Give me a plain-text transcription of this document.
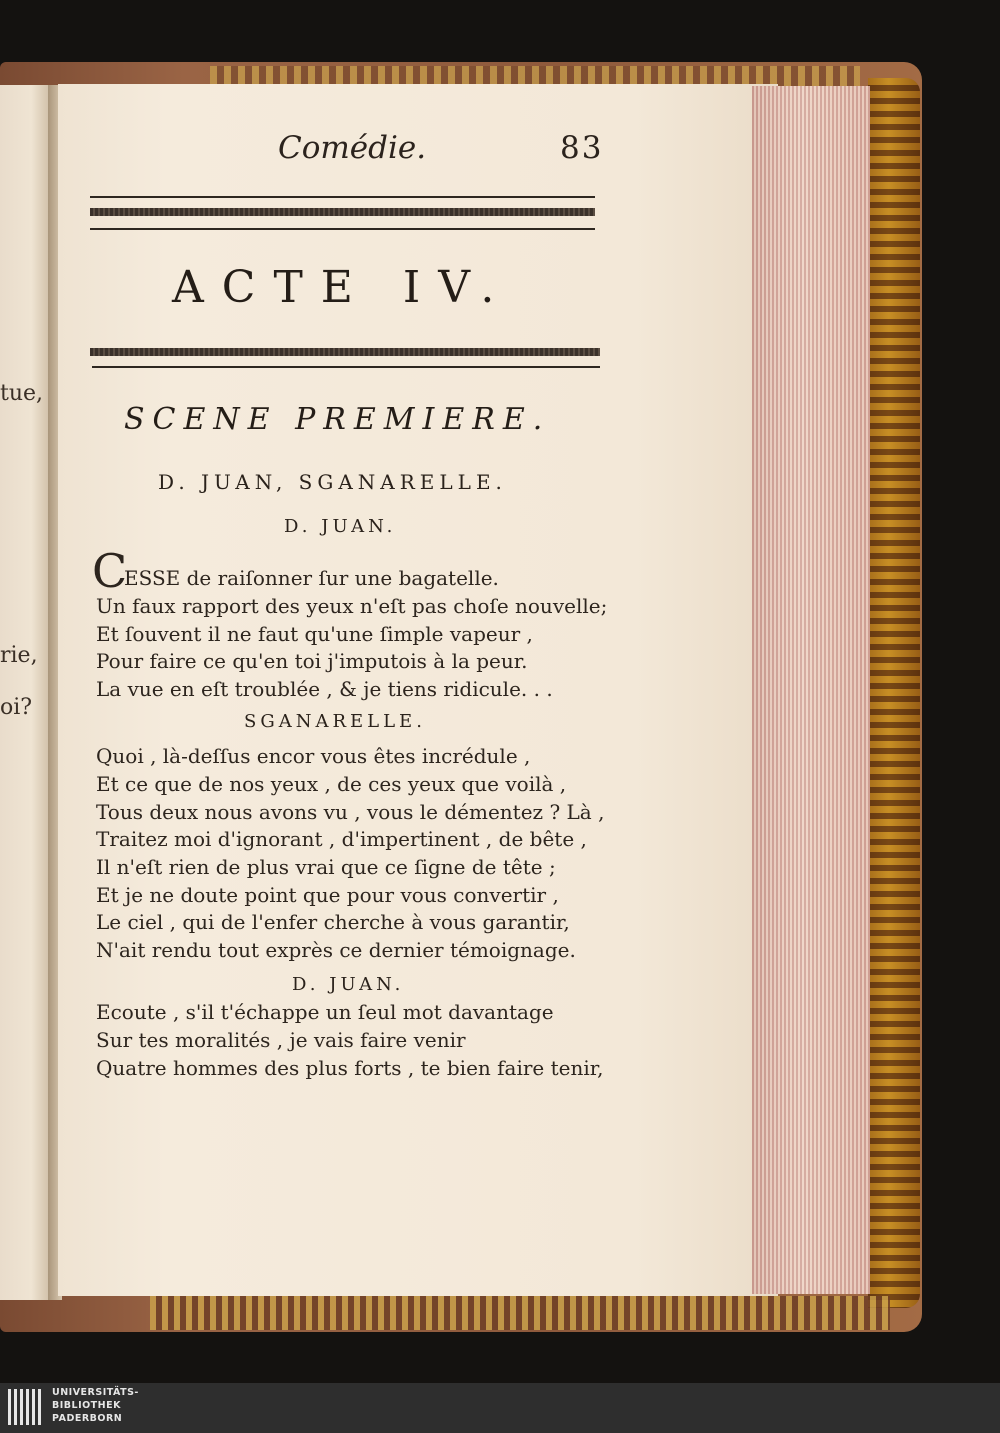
tue,
rie,
oi?
Comédie.	83
ACTE IV.
SCENE PREMIERE.
D. JUAN, SGANARELLE.
D. JUAN.
C
ESSE de raiſonner ſur une bagatelle.
Un faux rapport des yeux n'eſt pas choſe nouvelle;
Et ſouvent il ne faut qu'une ſimple vapeur ,
Pour faire ce qu'en toi j'imputois à la peur.
La vue en eſt troublée , & je tiens ridicule. . .
SGANARELLE.
Quoi , là-deſſus encor vous êtes incrédule ,
Et ce que de nos yeux , de ces yeux que voilà ,
Tous deux nous avons vu , vous le démentez ? Là ,
Traitez moi d'ignorant , d'impertinent , de bête ,
Il n'eſt rien de plus vrai que ce ſigne de tête ;
Et je ne doute point que pour vous convertir ,
Le ciel , qui de l'enfer cherche à vous garantir,
N'ait rendu tout exprès ce dernier témoignage.
D. JUAN.
Ecoute , s'il t'échappe un ſeul mot davantage
Sur tes moralités , je vais faire venir
Quatre hommes des plus forts , te bien faire tenir,
UNIVERSITÄTS-
BIBLIOTHEK
PADERBORN
